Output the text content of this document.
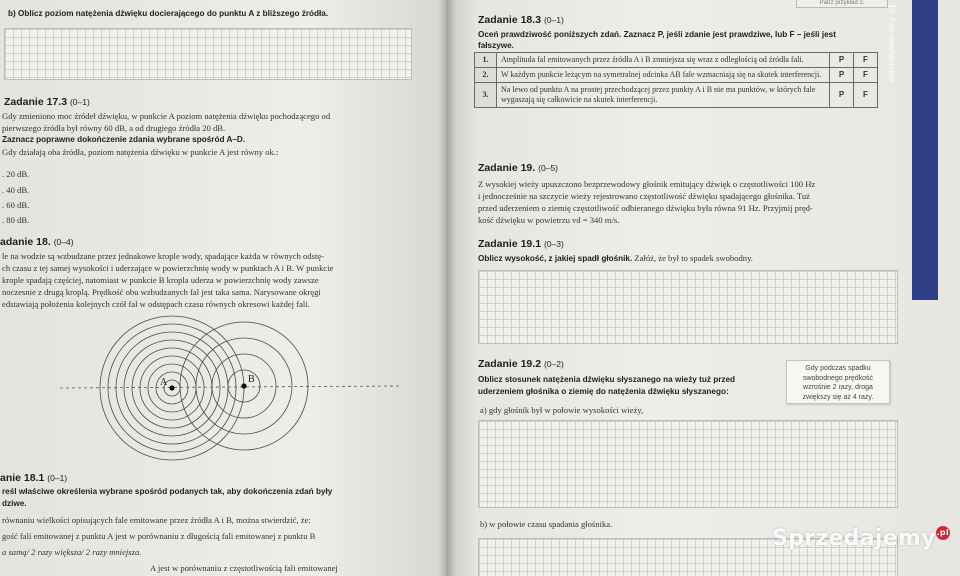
b) Oblicz poziom natężenia dźwięku docierającego do punktu A z bliższego źródła.
Zadanie 17.3 (0–1)
Gdy zmieniono moc źródeł dźwięku, w punkcie A poziom natężenia dźwięku pochodzącego od
pierwszego źródła był równy 60 dB, a od drugiego źródła 20 dB.
Zaznacz poprawne dokończenie zdania wybrane spośród A–D.
Gdy działają oba źródła, poziom natężenia dźwięku w punkcie A jest równy ok.:
. 20 dB.
. 40 dB.
. 60 dB.
. 80 dB.
adanie 18. (0–4)
le na wodzie są wzbudzane przez jednakowe krople wody, spadające każda w równych odstę-
ch czasu z tej samej wysokości i uderzające w powierzchnię wody w punktach A i B. W punkcie
krople spadają częściej, natomiast w punkcie B kropla uderza w powierzchnię wody zawsze
noczesnie z drugą kroplą. Prędkość obu wzbudzanych fal jest taka sama. Narysowane okręgi
edstawiają położenia kolejnych czół fal w odstępach czasu równych okresowi każdej fali.
A	B
anie 18.1 (0–1)
reśl właściwe określenia wybrane spośród podanych tak, aby dokończenia zdań były
dziwe.
równaniu wielkości opisujących fale emitowane przez źródła A i B, można stwierdzić, że:
gość fali emitowanej z punktu A jest w porównaniu z długością fali emitowanej z punktu B
a samą/ 2 razy większa/ 2 razy mniejsza.
A jest w porównaniu z częstotliwością fali emitowanej
Patrz przykład 2.
10. Fale mechaniczne
Zadanie 18.3 (0–1)
Oceń prawdziwość poniższych zdań. Zaznacz P, jeśli zdanie jest prawdziwe, lub F – jeśli jest
fałszywe.
1.	Amplituda fal emitowanych przez źródła A i B zmniejsza się wraz z odległością od źródła fali.	P	F
2.	W każdym punkcie leżącym na symetralnej odcinka AB fale wzmacniają się na skutek interferencji.	P	F
3.	Na lewo od punktu A na prostej przechodzącej przez punkty A i B nie ma punktów, w których fale wygaszają się całkowicie na skutek interferencji.	P	F
Zadanie 19. (0–5)
Z wysokiej wieży upuszczono bezprzewodowy głośnik emitujący dźwięk o częstotliwości 100 Hz
i jednocześnie na szczycie wieży rejestrowano częstotliwość dźwięku spadającego głośnika. Tuż
przed uderzeniem o ziemię częstotliwość odbieranego dźwięku była równa 91 Hz. Przyjmij pręd-
kość dźwięku w powietrzu vd = 340 m/s.
Zadanie 19.1 (0–3)
Oblicz wysokość, z jakiej spadł głośnik. Załóż, że był to spadek swobodny.
Zadanie 19.2 (0–2)
Oblicz stosunek natężenia dźwięku słyszanego na wieży tuż przed
uderzeniem głośnika o ziemię do natężenia dźwięku słyszanego:
Gdy podczas spadku swobodnego prędkość wzrośnie 2 razy, droga zwiększy się aż 4 razy.
a) gdy głośnik był w połowie wysokości wieży,
b) w połowie czasu spadania głośnika.
Sprzedajemy.pl
